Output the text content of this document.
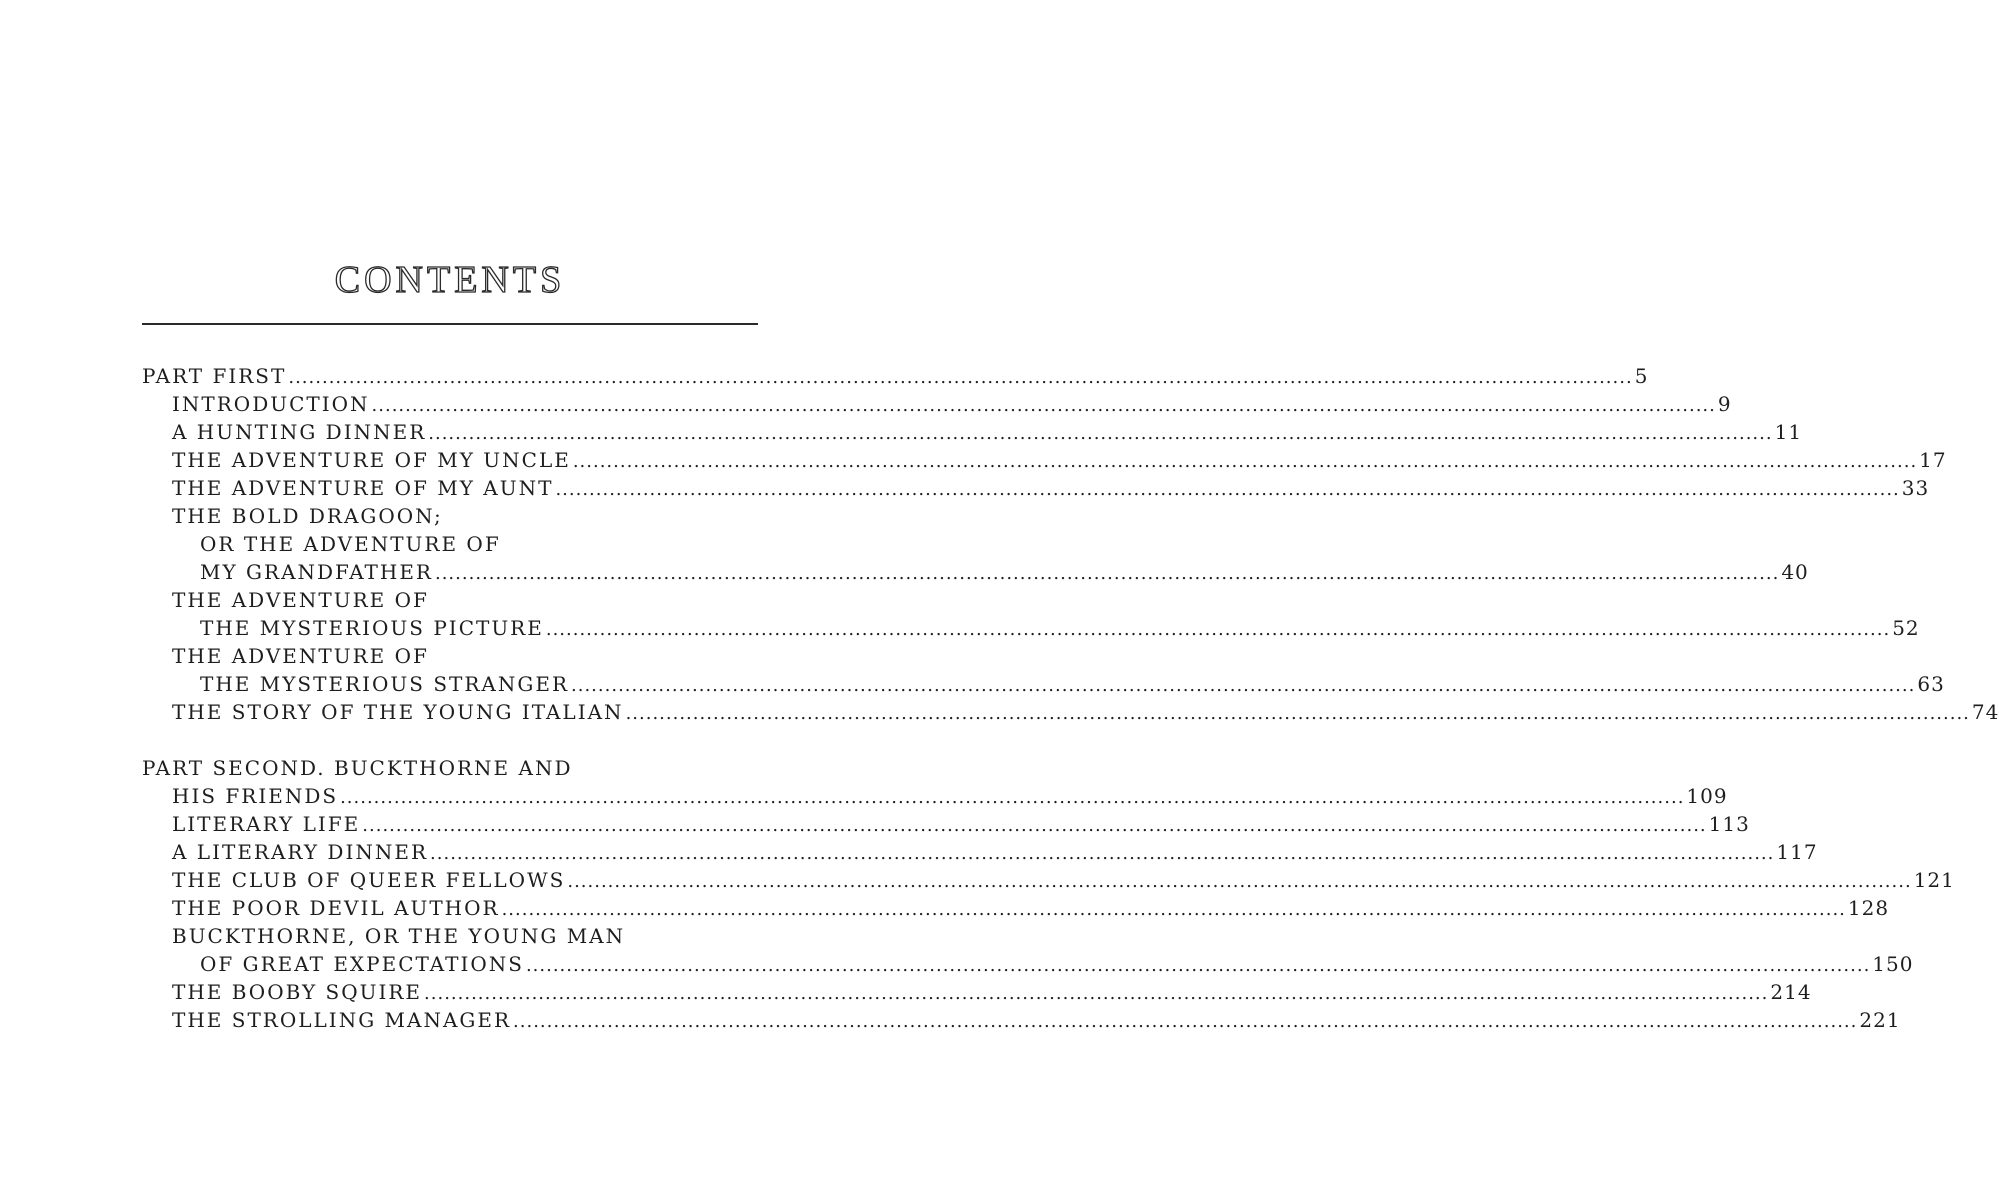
CONTENTS
PART FIRST ........................................................................................................................................................................................................ 5
INTRODUCTION ........................................................................................................................................................................................................ 9
A HUNTING DINNER ........................................................................................................................................................................................................ 11
THE ADVENTURE OF MY UNCLE ........................................................................................................................................................................................................ 17
THE ADVENTURE OF MY AUNT ........................................................................................................................................................................................................ 33
THE BOLD DRAGOON;
OR THE ADVENTURE OF
MY GRANDFATHER ........................................................................................................................................................................................................ 40
THE ADVENTURE OF
THE MYSTERIOUS PICTURE ........................................................................................................................................................................................................ 52
THE ADVENTURE OF
THE MYSTERIOUS STRANGER ........................................................................................................................................................................................................ 63
THE STORY OF THE YOUNG ITALIAN ........................................................................................................................................................................................................ 74
PART SECOND. BUCKTHORNE AND
HIS FRIENDS ........................................................................................................................................................................................................ 109
LITERARY LIFE ........................................................................................................................................................................................................ 113
A LITERARY DINNER ........................................................................................................................................................................................................ 117
THE CLUB OF QUEER FELLOWS ........................................................................................................................................................................................................ 121
THE POOR DEVIL AUTHOR ........................................................................................................................................................................................................ 128
BUCKTHORNE, OR THE YOUNG MAN
OF GREAT EXPECTATIONS ........................................................................................................................................................................................................ 150
THE BOOBY SQUIRE ........................................................................................................................................................................................................ 214
THE STROLLING MANAGER ........................................................................................................................................................................................................ 221
